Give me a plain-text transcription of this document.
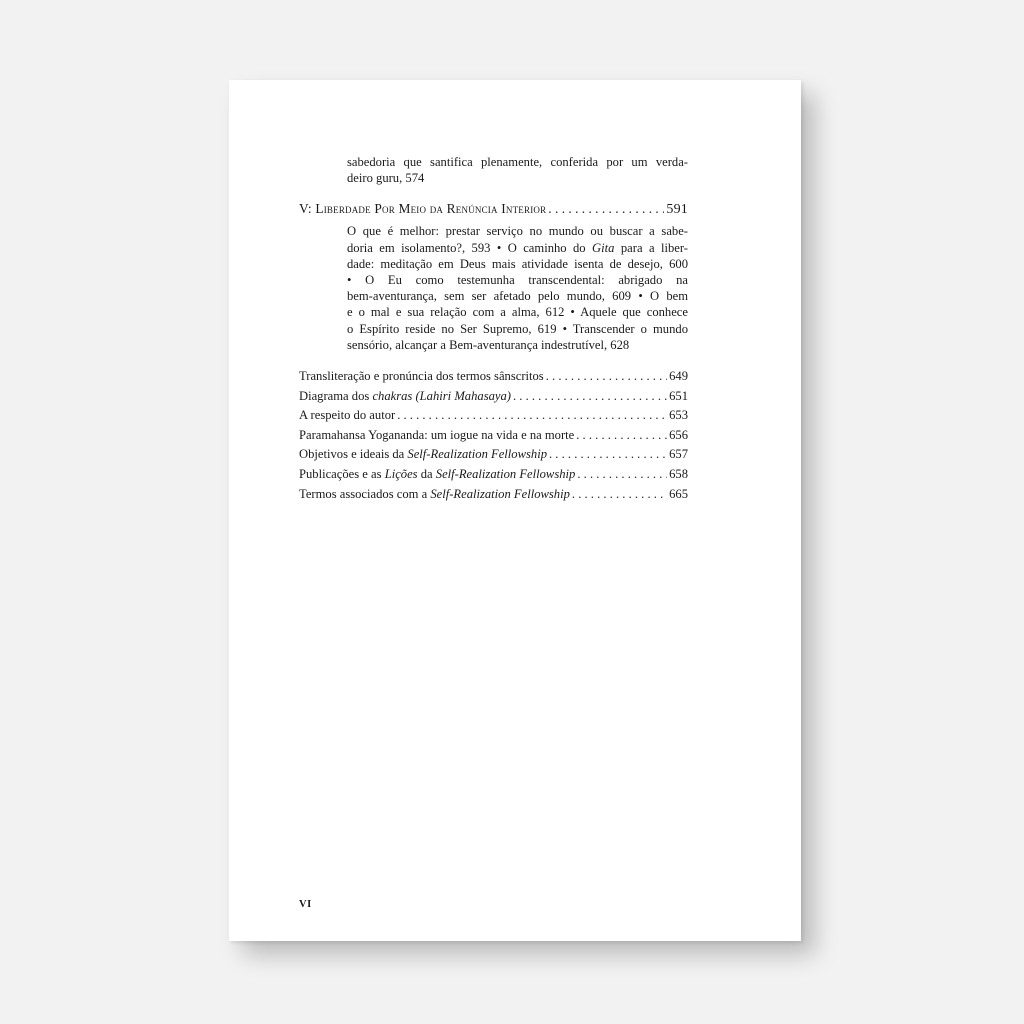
sabedoria que santifica plenamente, conferida por um verda-
deiro guru, 574
V: Liberdade Por Meio da Renúncia Interior . . .	591
O que é melhor: prestar serviço no mundo ou buscar a sabe-
doria em isolamento?, 593 • O caminho do Gita para a liber-
dade: meditação em Deus mais atividade isenta de desejo, 600
• O Eu como testemunha transcendental: abrigado na
bem-aventurança, sem ser afetado pelo mundo, 609 • O bem
e o mal e sua relação com a alma, 612 • Aquele que conhece
o Espírito reside no Ser Supremo, 619 • Transcender o mundo
sensório, alcançar a Bem-aventurança indestrutível, 628
Transliteração e pronúncia dos termos sânscritos . . .	649
Diagrama dos chakras (Lahiri Mahasaya) . . .	651
A respeito do autor . . .	653
Paramahansa Yogananda: um iogue na vida e na morte . . .	656
Objetivos e ideais da Self-Realization Fellowship . . .	657
Publicações e as Lições da Self-Realization Fellowship . . .	658
Termos associados com a Self-Realization Fellowship . . .	665
VI
